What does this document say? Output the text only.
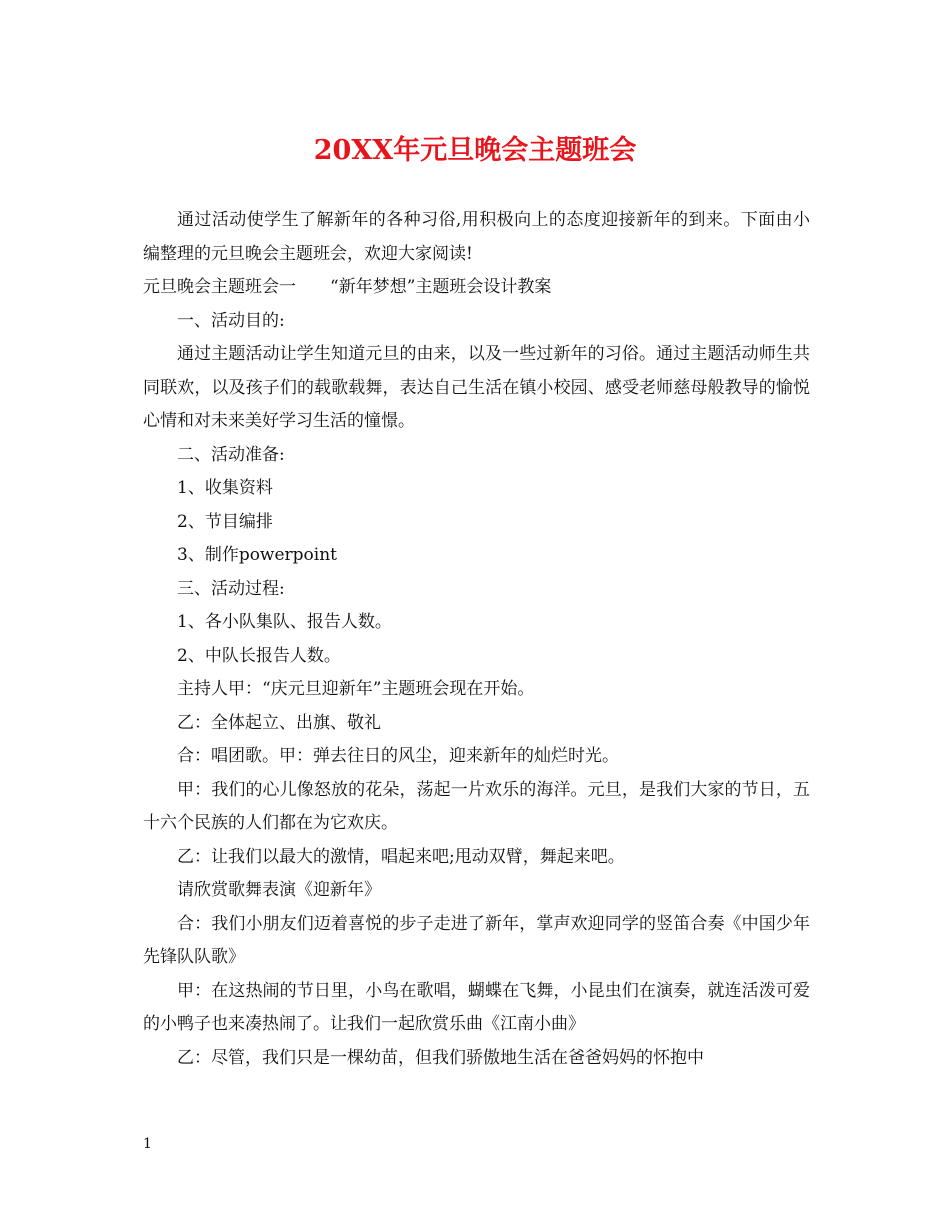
20XX年元旦晚会主题班会

通过活动使学生了解新年的各种习俗,用积极向上的态度迎接新年的到来。下面由小编整理的元旦晚会主题班会，欢迎大家阅读!

元旦晚会主题班会一　　“新年梦想”主题班会设计教案

一、活动目的:

通过主题活动让学生知道元旦的由来，以及一些过新年的习俗。通过主题活动师生共同联欢，以及孩子们的载歌载舞，表达自己生活在镇小校园、感受老师慈母般教导的愉悦心情和对未来美好学习生活的憧憬。

二、活动准备:

1、收集资料

2、节目编排

3、制作powerpoint

三、活动过程:

1、各小队集队、报告人数。

2、中队长报告人数。

主持人甲：“庆元旦迎新年”主题班会现在开始。

乙：全体起立、出旗、敬礼

合：唱团歌。甲：弹去往日的风尘，迎来新年的灿烂时光。

甲：我们的心儿像怒放的花朵，荡起一片欢乐的海洋。元旦，是我们大家的节日，五十六个民族的人们都在为它欢庆。

乙：让我们以最大的激情，唱起来吧;甩动双臂，舞起来吧。

请欣赏歌舞表演《迎新年》

合：我们小朋友们迈着喜悦的步子走进了新年，掌声欢迎同学的竖笛合奏《中国少年先锋队队歌》

甲：在这热闹的节日里，小鸟在歌唱，蝴蝶在飞舞，小昆虫们在演奏，就连活泼可爱的小鸭子也来凑热闹了。让我们一起欣赏乐曲《江南小曲》

乙：尽管，我们只是一棵幼苗，但我们骄傲地生活在爸爸妈妈的怀抱中

1
